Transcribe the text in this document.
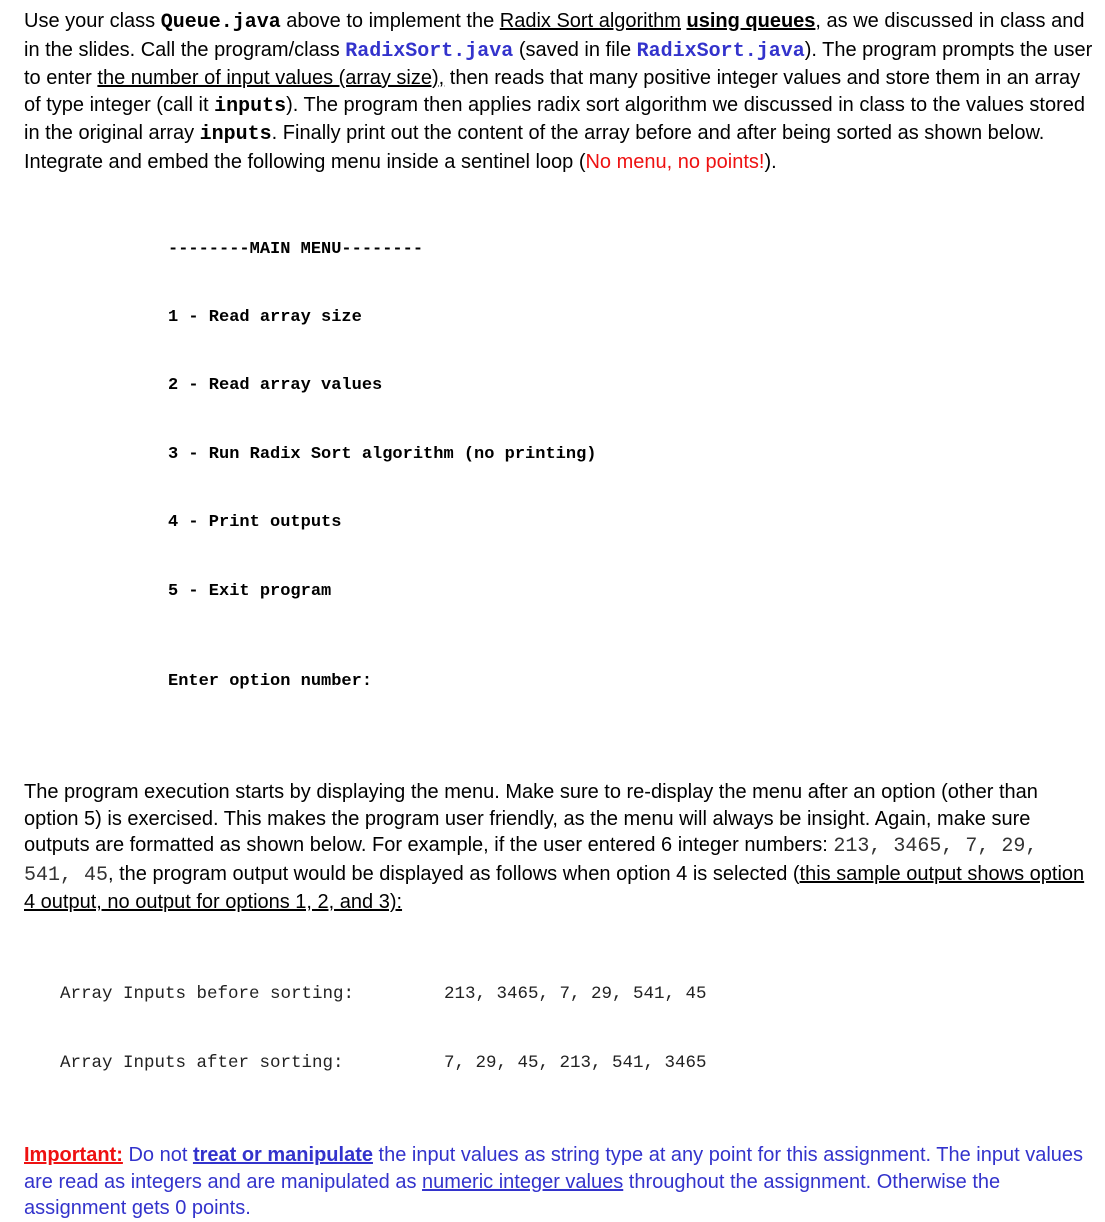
Use your class Queue.java above to implement the Radix Sort algorithm using queues, as we discussed in class and in the slides. Call the program/class RadixSort.java (saved in file RadixSort.java). The program prompts the user to enter the number of input values (array size), then reads that many positive integer values and store them in an array of type integer (call it inputs). The program then applies radix sort algorithm we discussed in class to the values stored in the original array inputs. Finally print out the content of the array before and after being sorted as shown below. Integrate and embed the following menu inside a sentinel loop (No menu, no points!).

--------MAIN MENU--------

1 - Read array size

2 - Read array values

3 - Run Radix Sort algorithm (no printing)

4 - Print outputs

5 - Exit program

Enter option number:

The program execution starts by displaying the menu. Make sure to re-display the menu after an option (other than option 5) is exercised. This makes the program user friendly, as the menu will always be insight. Again, make sure outputs are formatted as shown below. For example, if the user entered 6 integer numbers: 213, 3465, 7, 29, 541, 45, the program output would be displayed as follows when option 4 is selected (this sample output shows option 4 output, no output for options 1, 2, and 3):

Array Inputs before sorting:	213, 3465, 7, 29, 541, 45

Array Inputs after sorting:	7, 29, 45, 213, 541, 3465

Important: Do not treat or manipulate the input values as string type at any point for this assignment. The input values are read as integers and are manipulated as numeric integer values throughout the assignment. Otherwise the assignment gets 0 points.
